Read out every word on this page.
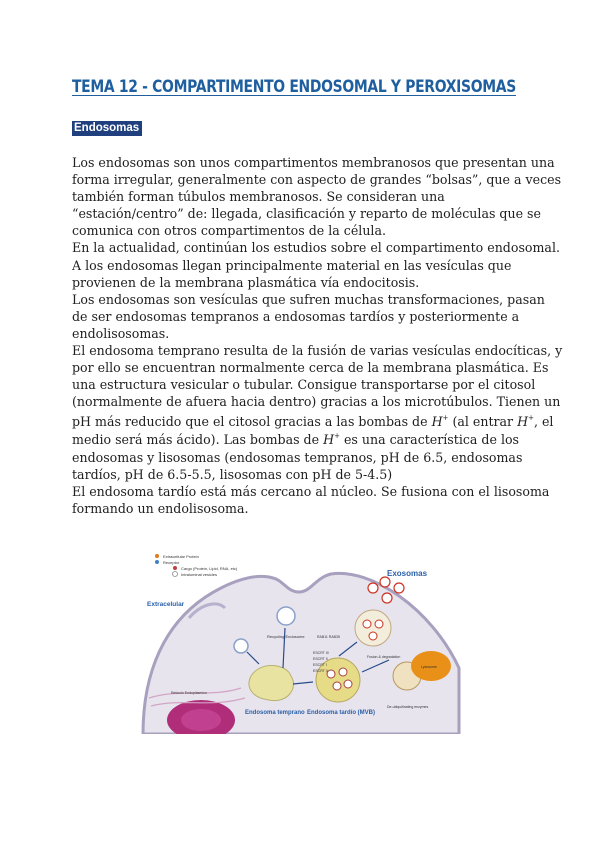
TEMA 12 - COMPARTIMENTO ENDOSOMAL Y PEROXISOMAS
Endosomas

Los endosomas son unos compartimentos membranosos que presentan una

forma irregular, generalmente con aspecto de grandes “bolsas”, que a veces

también forman túbulos membranosos. Se consideran una

“estación/centro” de: llegada, clasificación y reparto de moléculas que se

comunica con otros compartimentos de la célula.

En la actualidad, continúan los estudios sobre el compartimento endosomal.

A los endosomas llegan principalmente material en las vesículas que

provienen de la membrana plasmática vía endocitosis.

Los endosomas son vesículas que sufren muchas transformaciones, pasan

de ser endosomas tempranos a endosomas tardíos y posteriormente a

endolisosomas.

El endosoma temprano resulta de la fusión de varias vesículas endocíticas, y

por ello se encuentran normalmente cerca de la membrana plasmática. Es

una estructura vesicular o tubular. Consigue transportarse por el citosol

(normalmente de afuera hacia dentro) gracias a los microtúbulos. Tienen un

pH más reducido que el citosol gracias a las bombas de H+ (al entrar H+, el

medio será más ácido). Las bombas de H+ es una característica de los

endosomas y lisosomas (endosomas tempranos, pH de 6.5, endosomas

tardíos, pH de 6.5-5.5, lisosomas con pH de 5-4.5)

El endosoma tardío está más cercano al núcleo. Se fusiona con el lisosoma

formando un endolisosoma.

Extracellular Protein
Receptor
Cargo (Protein, Lipid, RNA, etc)
Intraluminal vesicles
Extracelular
Exosomas
Recycling Endosome	RAB11 RAB35
ESCRT III
ESCRT II
ESCRT I
ESCRT 0
Endosoma temprano Endosoma tardío (MVB)
Retículo Endoplásmico
Fusion & degradation
De-ubiquitinating enzymes
Lysosome
